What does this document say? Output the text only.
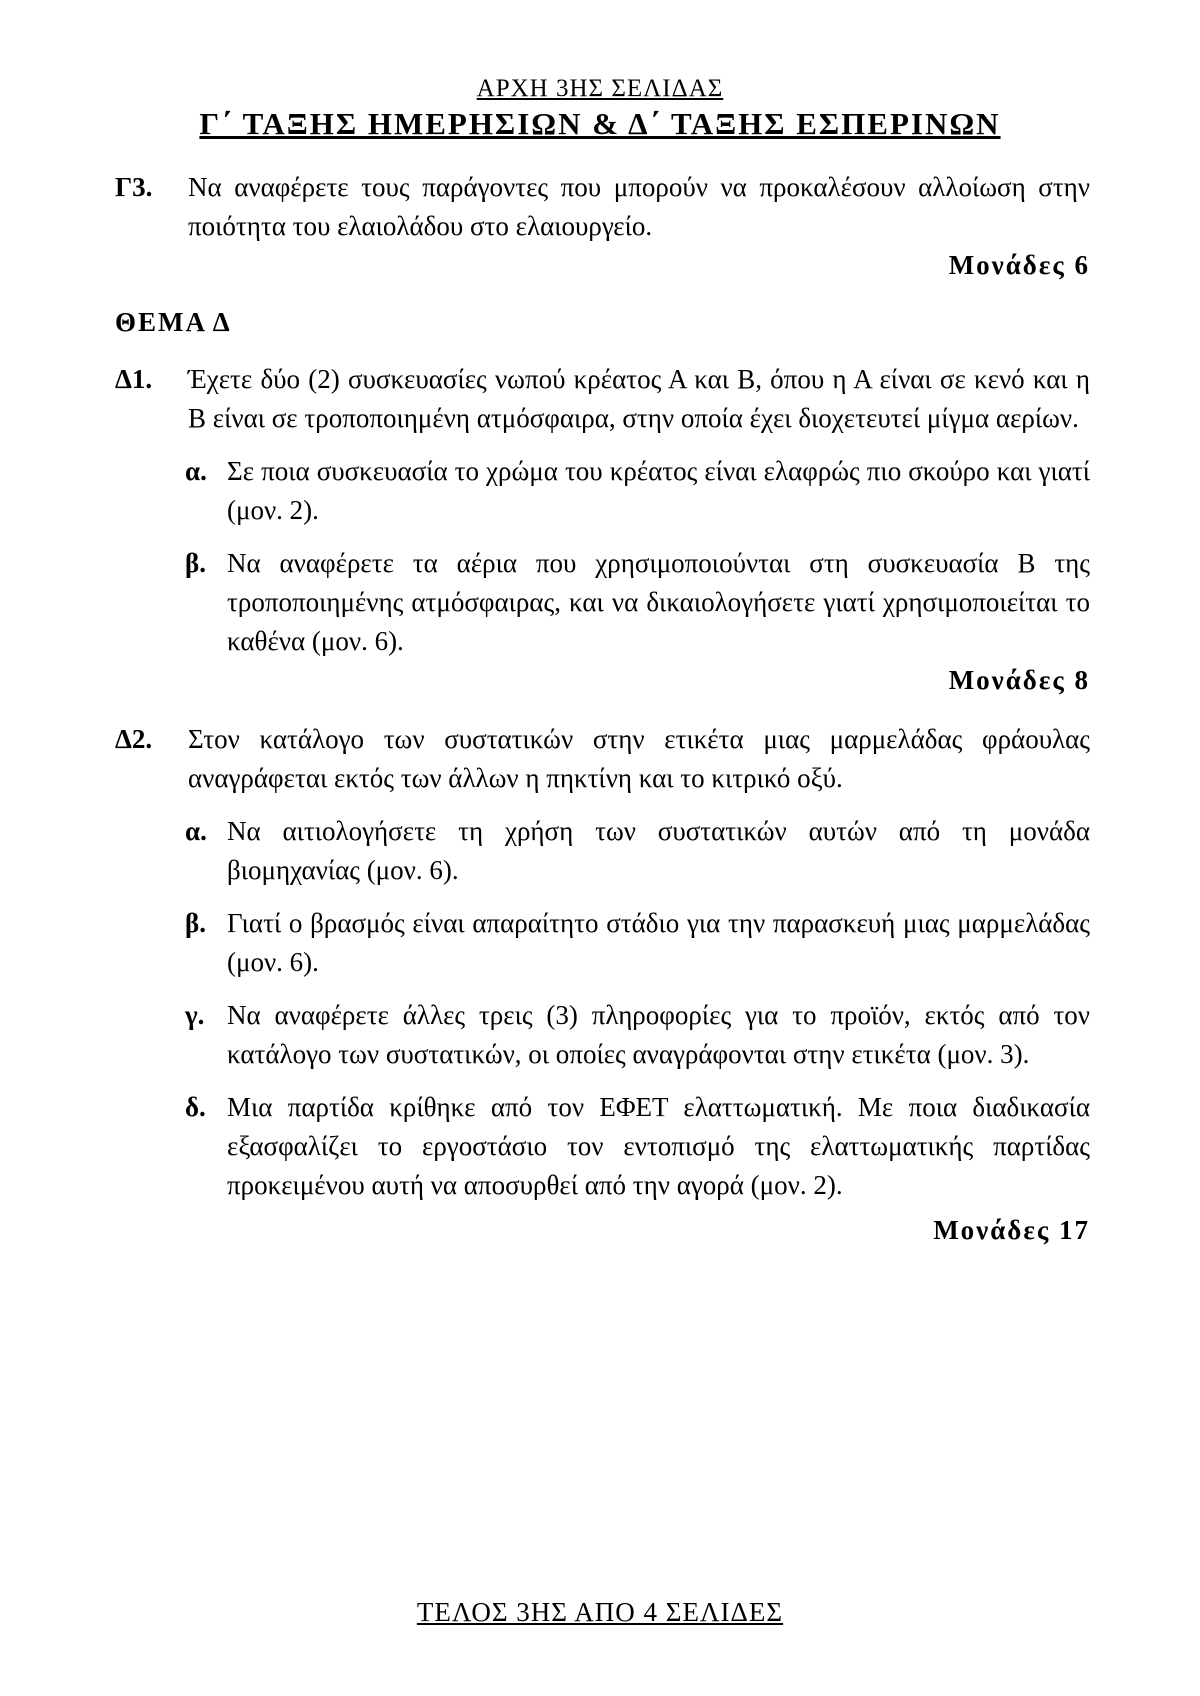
ΑΡΧΗ 3ΗΣ ΣΕΛΙΔΑΣ
Γ΄ ΤΑΞΗΣ ΗΜΕΡΗΣΙΩΝ & Δ΄ ΤΑΞΗΣ ΕΣΠΕΡΙΝΩΝ
Γ3.	Να αναφέρετε τους παράγοντες που μπορούν να προκαλέσουν αλλοίωση στην ποιότητα του ελαιολάδου στο ελαιουργείο.
Μονάδες 6
ΘΕΜΑ Δ
Δ1.	Έχετε δύο (2) συσκευασίες νωπού κρέατος Α και Β, όπου η Α είναι σε κενό και η Β είναι σε τροποποιημένη ατμόσφαιρα, στην οποία έχει διοχετευτεί μίγμα αερίων.
α. Σε ποια συσκευασία το χρώμα του κρέατος είναι ελαφρώς πιο σκούρο και γιατί (μον. 2).
β. Να αναφέρετε τα αέρια που χρησιμοποιούνται στη συσκευασία Β της τροποποιημένης ατμόσφαιρας, και να δικαιολογήσετε γιατί χρησιμοποιείται το καθένα (μον. 6).
Μονάδες 8
Δ2.	Στον κατάλογο των συστατικών στην ετικέτα μιας μαρμελάδας φράουλας αναγράφεται εκτός των άλλων η πηκτίνη και το κιτρικό οξύ.
α. Να αιτιολογήσετε τη χρήση των συστατικών αυτών από τη μονάδα βιομηχανίας (μον. 6).
β. Γιατί ο βρασμός είναι απαραίτητο στάδιο για την παρασκευή μιας μαρμελάδας (μον. 6).
γ. Να αναφέρετε άλλες τρεις (3) πληροφορίες για το προϊόν, εκτός από τον κατάλογο των συστατικών, οι οποίες αναγράφονται στην ετικέτα (μον. 3).
δ. Μια παρτίδα κρίθηκε από τον ΕΦΕΤ ελαττωματική. Με ποια διαδικασία εξασφαλίζει το εργοστάσιο τον εντοπισμό της ελαττωματικής παρτίδας προκειμένου αυτή να αποσυρθεί από την αγορά (μον. 2).
Μονάδες 17
ΤΕΛΟΣ 3ΗΣ ΑΠΟ 4 ΣΕΛΙΔΕΣ
